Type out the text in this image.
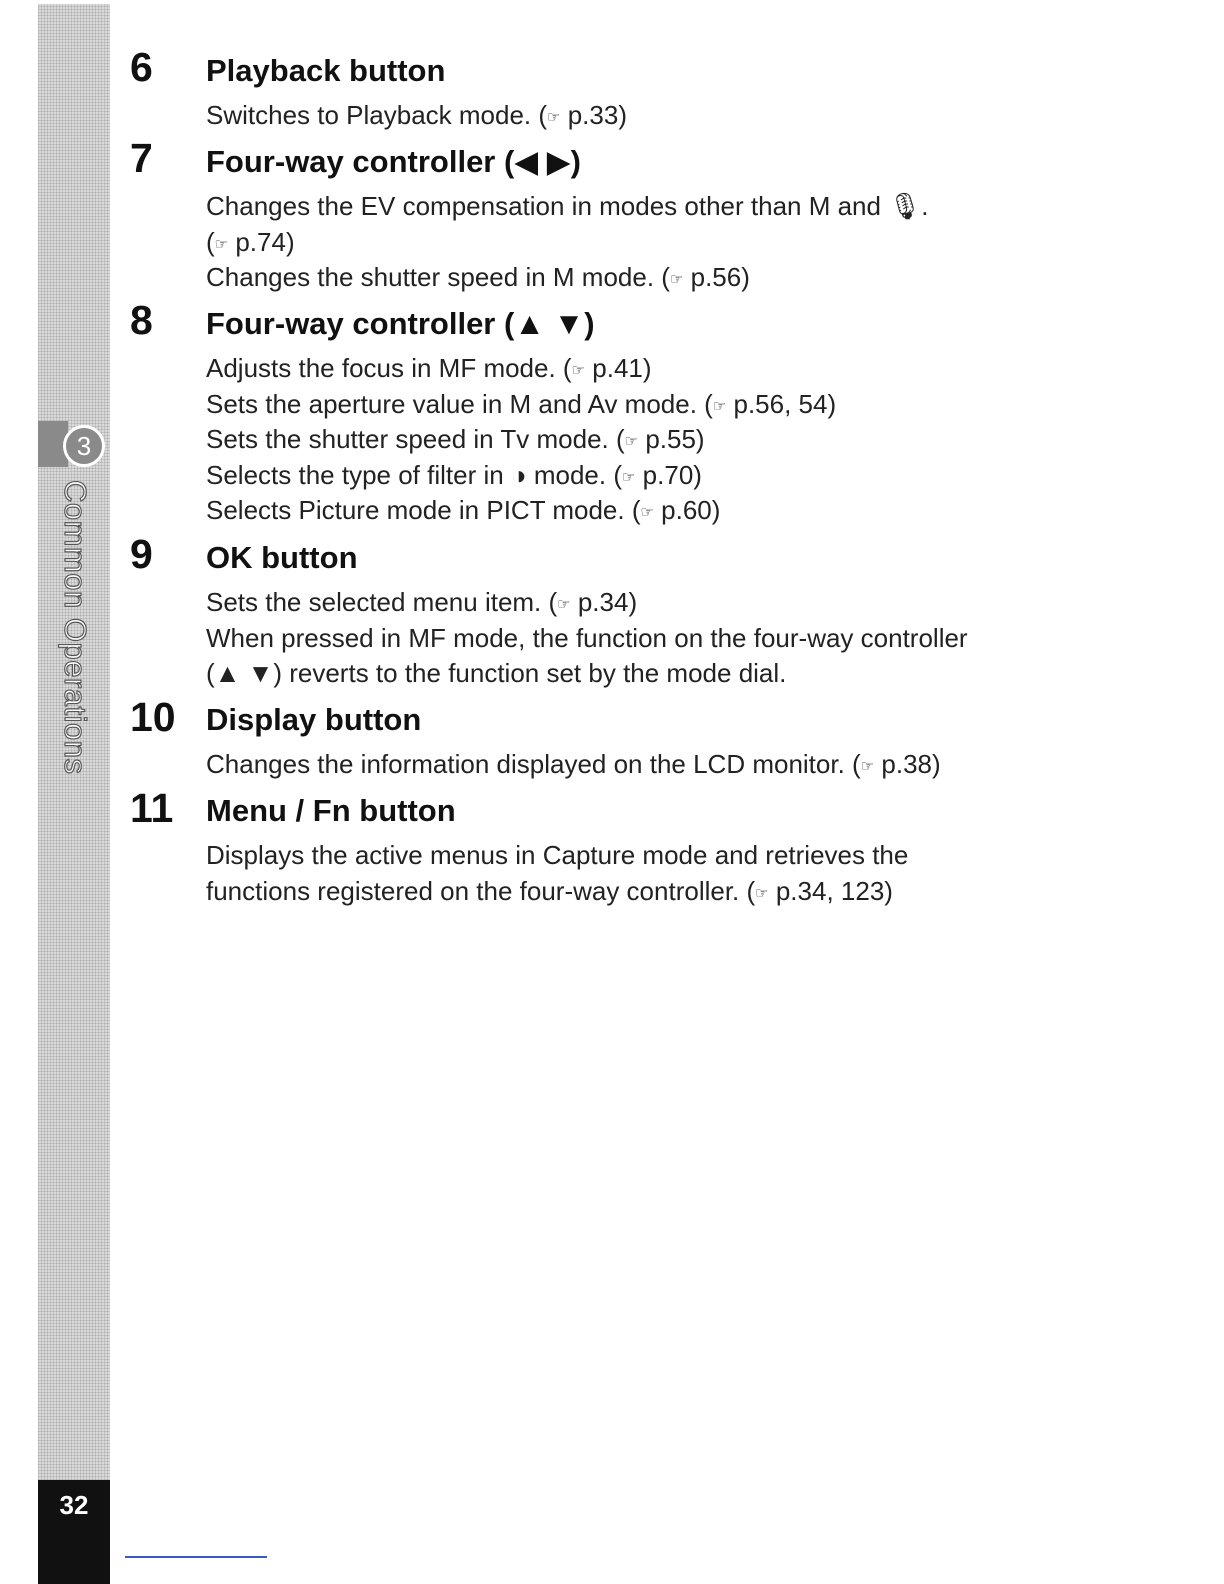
3
Common Operations
32
6 Playback button
Switches to Playback mode. (☞ p.33)
7 Four-way controller (◀ ▶)
Changes the EV compensation in modes other than M and 🎙.
(☞ p.74)
Changes the shutter speed in M mode. (☞ p.56)
8 Four-way controller (▲ ▼)
Adjusts the focus in MF mode. (☞ p.41)
Sets the aperture value in M and Av mode. (☞ p.56, 54)
Sets the shutter speed in Tv mode. (☞ p.55)
Selects the type of filter in ◑ mode. (☞ p.70)
Selects Picture mode in PICT mode. (☞ p.60)
9 OK button
Sets the selected menu item. (☞ p.34)
When pressed in MF mode, the function on the four-way controller
(▲ ▼) reverts to the function set by the mode dial.
10 Display button
Changes the information displayed on the LCD monitor. (☞ p.38)
11 Menu / Fn button
Displays the active menus in Capture mode and retrieves the
functions registered on the four-way controller. (☞ p.34, 123)
